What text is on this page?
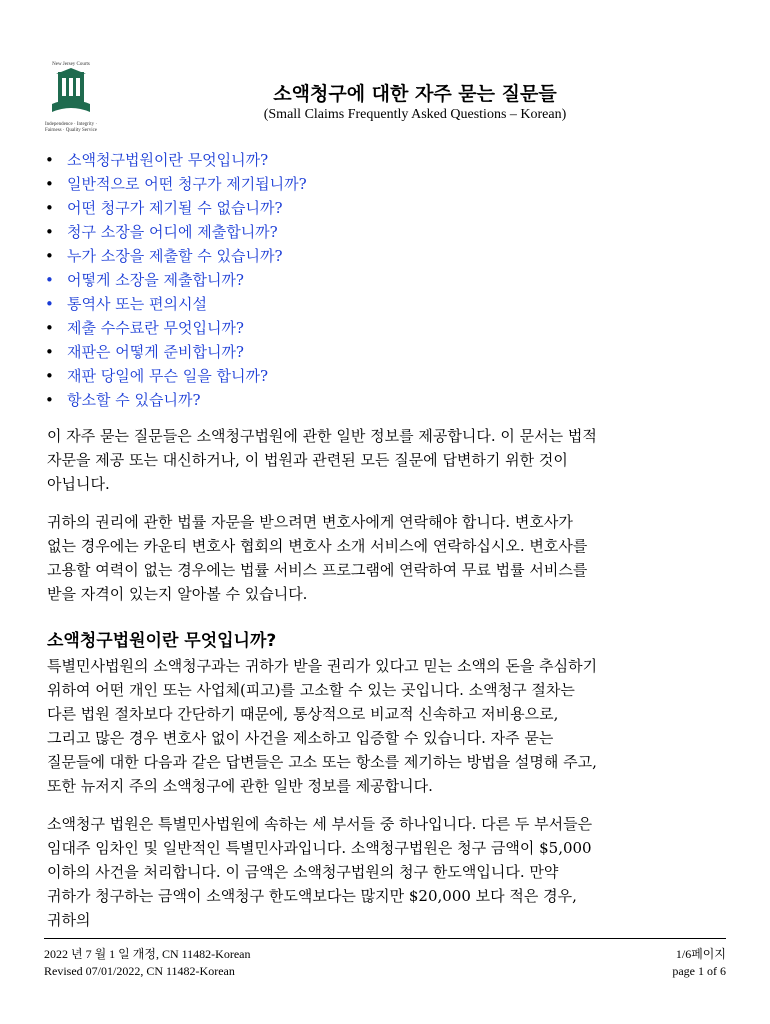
New Jersey Courts
Independence · Integrity · Fairness · Quality Service
소액청구에 대한 자주 묻는 질문들
(Small Claims Frequently Asked Questions – Korean)
• 소액청구법원이란 무엇입니까?
• 일반적으로 어떤 청구가 제기됩니까?
• 어떤 청구가 제기될 수 없습니까?
• 청구 소장을 어디에 제출합니까?
• 누가 소장을 제출할 수 있습니까?
• 어떻게 소장을 제출합니까?
• 통역사 또는 편의시설
• 제출 수수료란 무엇입니까?
• 재판은 어떻게 준비합니까?
• 재판 당일에 무슨 일을 합니까?
• 항소할 수 있습니까?

이 자주 묻는 질문들은 소액청구법원에 관한 일반 정보를 제공합니다. 이 문서는 법적
자문을 제공 또는 대신하거나, 이 법원과 관련된 모든 질문에 답변하기 위한 것이
아닙니다.

귀하의 권리에 관한 법률 자문을 받으려면 변호사에게 연락해야 합니다. 변호사가
없는 경우에는 카운티 변호사 협회의 변호사 소개 서비스에 연락하십시오. 변호사를
고용할 여력이 없는 경우에는 법률 서비스 프로그램에 연락하여 무료 법률 서비스를
받을 자격이 있는지 알아볼 수 있습니다.

소액청구법원이란 무엇입니까?

특별민사법원의 소액청구과는 귀하가 받을 권리가 있다고 믿는 소액의 돈을 추심하기
위하여 어떤 개인 또는 사업체(피고)를 고소할 수 있는 곳입니다. 소액청구 절차는
다른 법원 절차보다 간단하기 때문에, 통상적으로 비교적 신속하고 저비용으로,
그리고 많은 경우 변호사 없이 사건을 제소하고 입증할 수 있습니다. 자주 묻는
질문들에 대한 다음과 같은 답변들은 고소 또는 항소를 제기하는 방법을 설명해 주고,
또한 뉴저지 주의 소액청구에 관한 일반 정보를 제공합니다.

소액청구 법원은 특별민사법원에 속하는 세 부서들 중 하나입니다. 다른 두 부서들은
임대주 임차인 및 일반적인 특별민사과입니다. 소액청구법원은 청구 금액이 $5,000
이하의 사건을 처리합니다. 이 금액은 소액청구법원의 청구 한도액입니다. 만약
귀하가 청구하는 금액이 소액청구 한도액보다는 많지만 $20,000 보다 적은 경우,
귀하의

2022 년 7 월 1 일 개정, CN 11482-Korean
Revised 07/01/2022, CN 11482-Korean
1/6페이지
page 1 of 6
